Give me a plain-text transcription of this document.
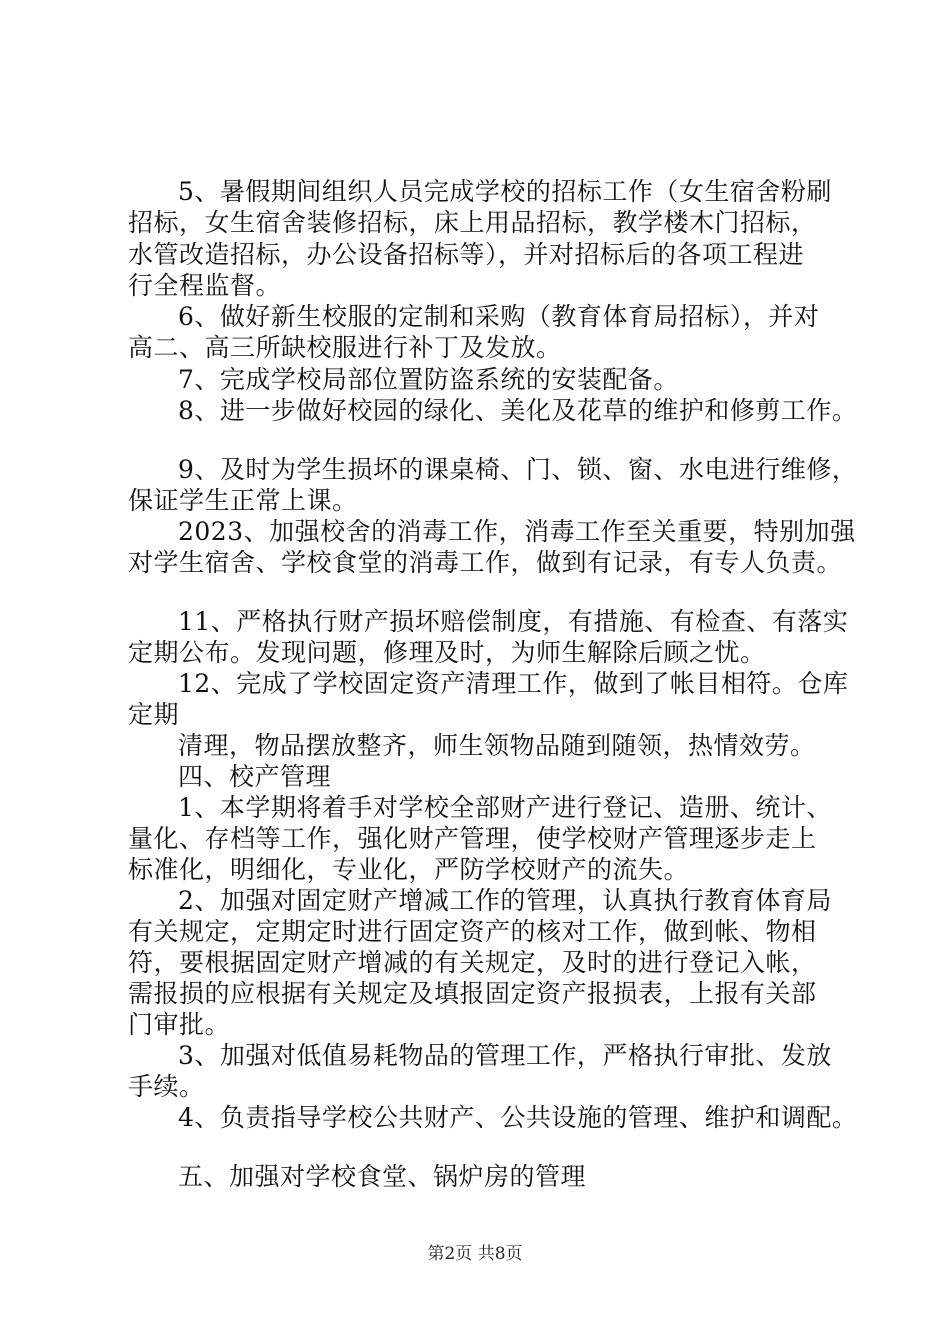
5、暑假期间组织人员完成学校的招标工作（女生宿舍粉刷
招标，女生宿舍装修招标，床上用品招标，教学楼木门招标，
水管改造招标，办公设备招标等），并对招标后的各项工程进
行全程监督。
6、做好新生校服的定制和采购（教育体育局招标），并对
高二、高三所缺校服进行补丁及发放。
7、完成学校局部位置防盗系统的安装配备。
8、进一步做好校园的绿化、美化及花草的维护和修剪工作。
9、及时为学生损坏的课桌椅、门、锁、窗、水电进行维修，
保证学生正常上课。
2023、加强校舍的消毒工作，消毒工作至关重要，特别加强
对学生宿舍、学校食堂的消毒工作，做到有记录，有专人负责。
11、严格执行财产损坏赔偿制度，有措施、有检查、有落实
定期公布。发现问题，修理及时，为师生解除后顾之忧。
12、完成了学校固定资产清理工作，做到了帐目相符。仓库
定期
清理，物品摆放整齐，师生领物品随到随领，热情效劳。
四、校产管理
1、本学期将着手对学校全部财产进行登记、造册、统计、
量化、存档等工作，强化财产管理，使学校财产管理逐步走上
标准化，明细化，专业化，严防学校财产的流失。
2、加强对固定财产增减工作的管理，认真执行教育体育局
有关规定，定期定时进行固定资产的核对工作，做到帐、物相
符，要根据固定财产增减的有关规定，及时的进行登记入帐，
需报损的应根据有关规定及填报固定资产报损表，上报有关部
门审批。
3、加强对低值易耗物品的管理工作，严格执行审批、发放
手续。
4、负责指导学校公共财产、公共设施的管理、维护和调配。
五、加强对学校食堂、锅炉房的管理
第2页 共8页
